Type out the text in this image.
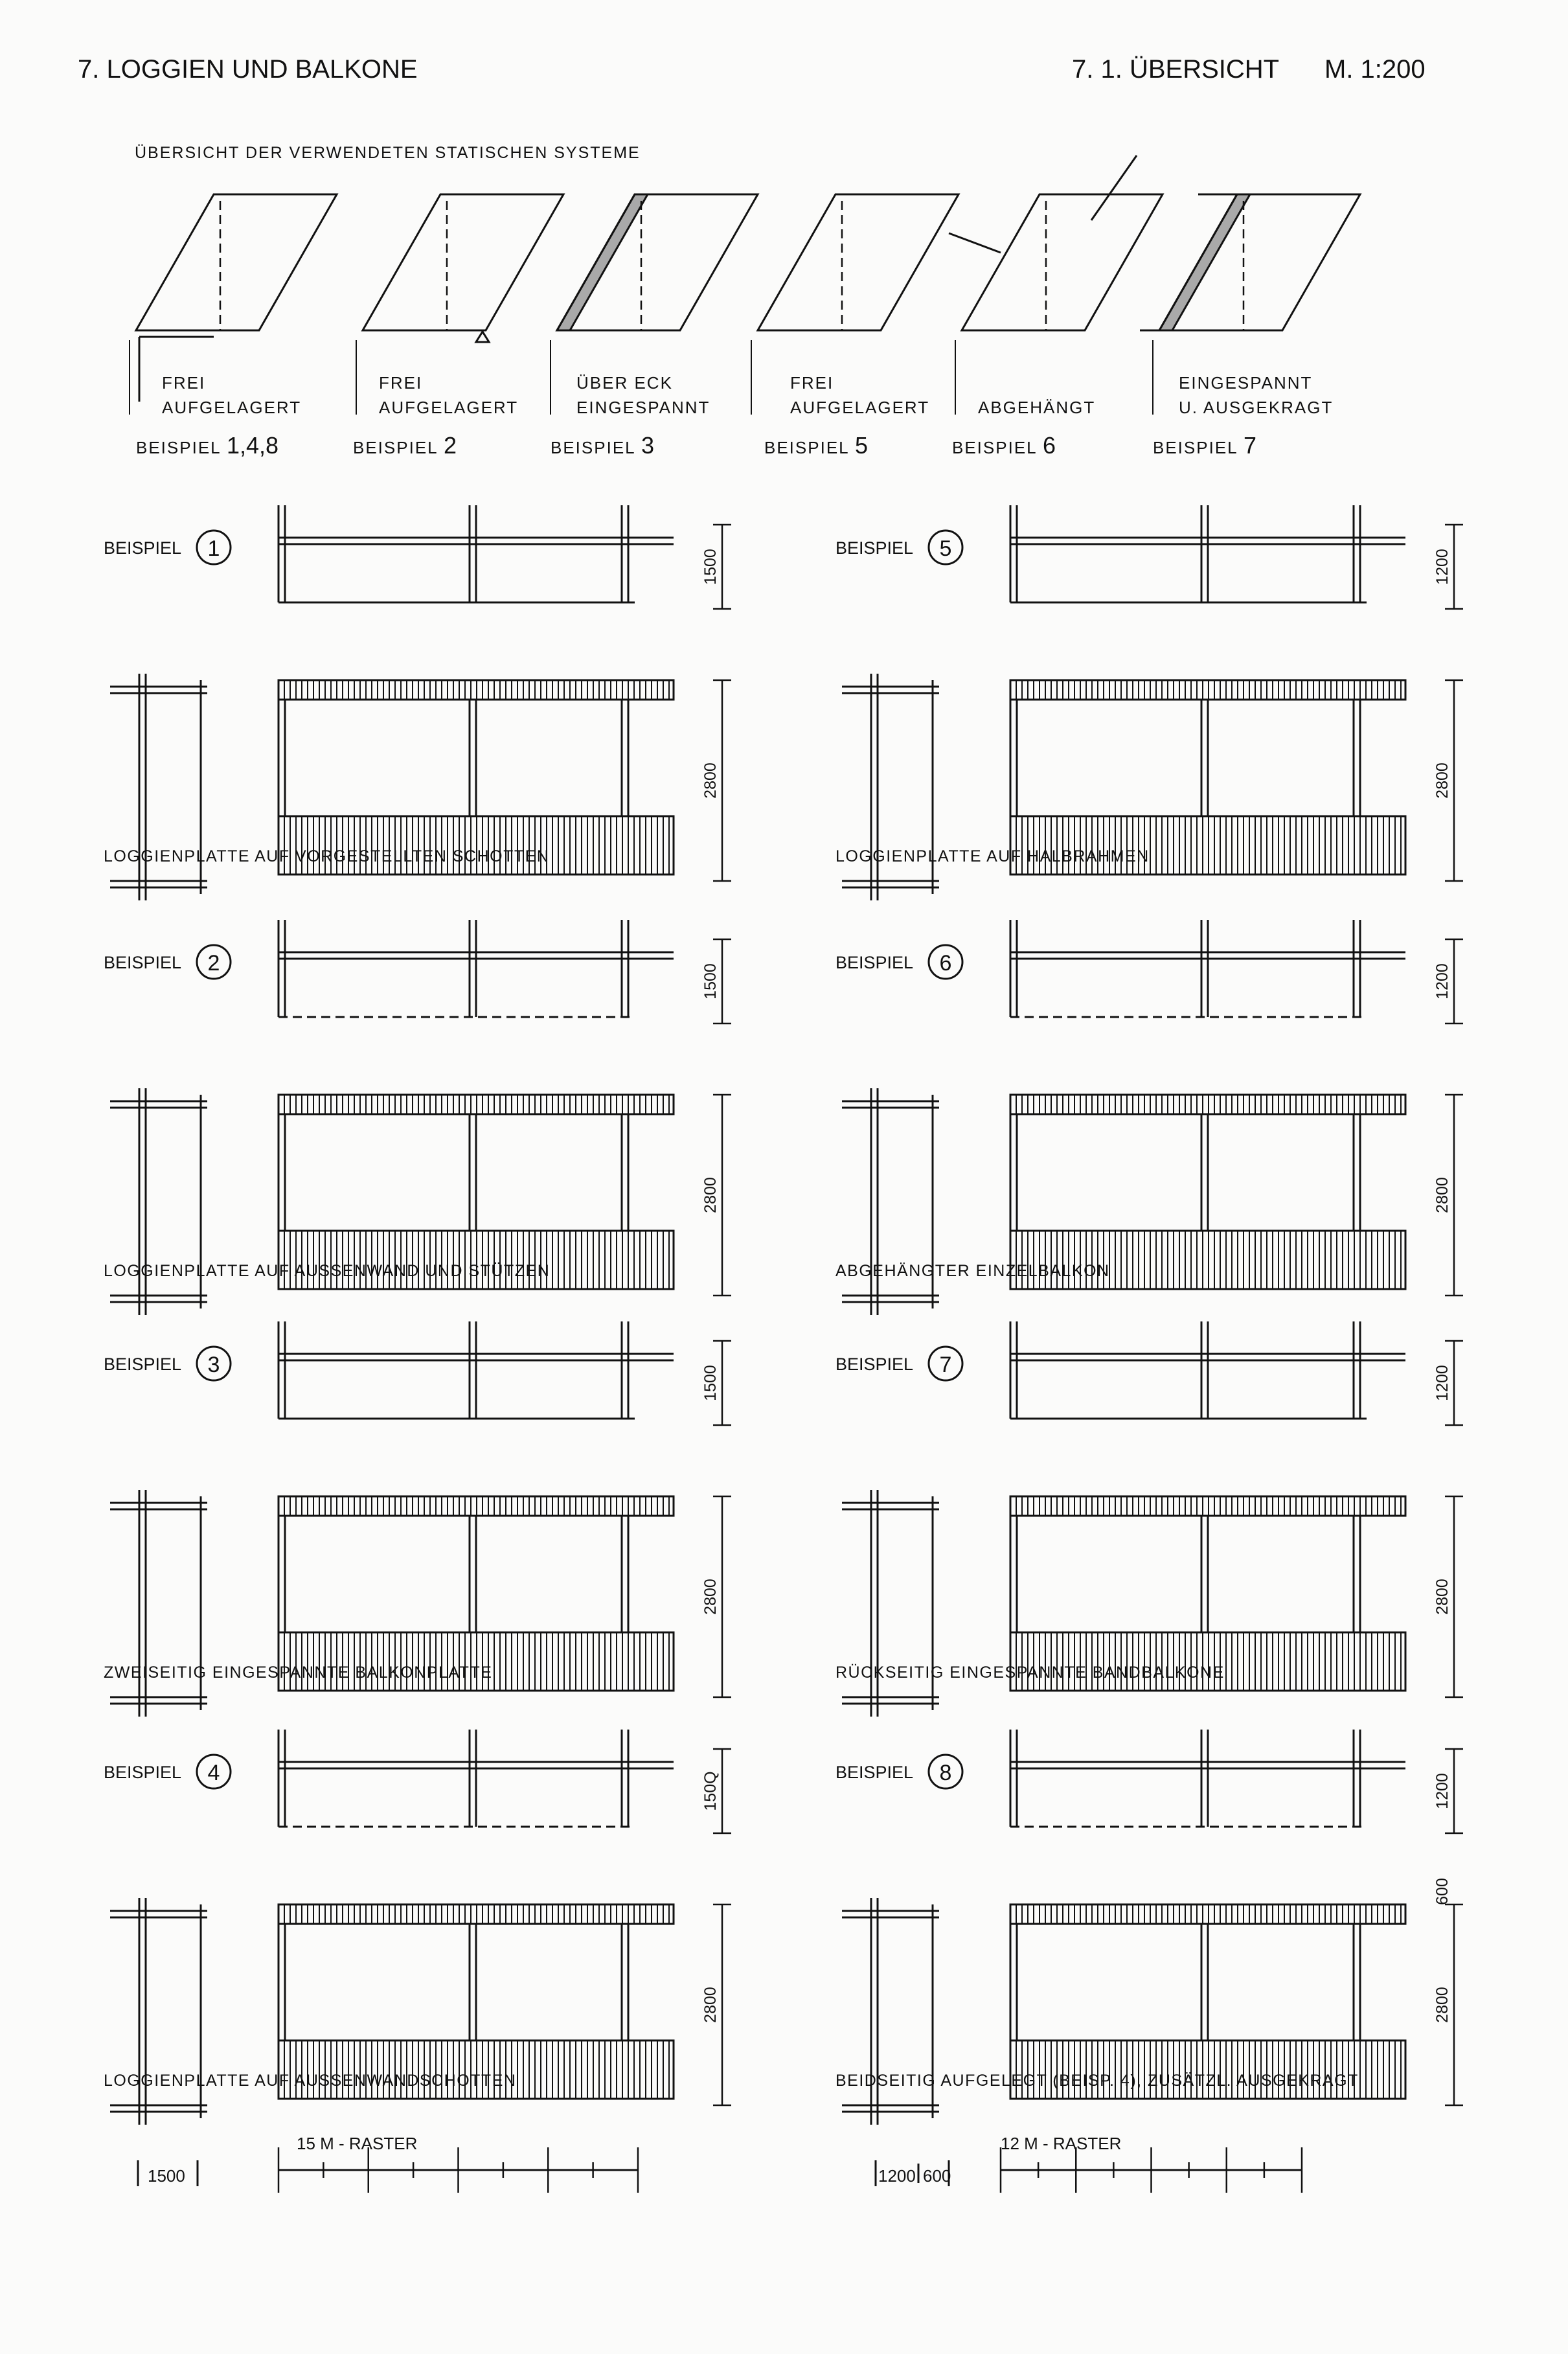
7. LOGGIEN UND BALKONE	7. 1. ÜBERSICHT M. 1:200
ÜBERSICHT DER VERWENDETEN STATISCHEN SYSTEME
FREI
AUFGELAGERT
BEISPIEL 1,4,8
FREI
AUFGELAGERT
BEISPIEL 2
ÜBER ECK
EINGESPANNT
BEISPIEL 3
FREI
AUFGELAGERT
BEISPIEL 5
ABGEHÄNGT
BEISPIEL 6
EINGESPANNT
U. AUSGEKRAGT
BEISPIEL 7
BEISPIEL 1
1500
2800
LOGGIENPLATTE AUF VORGESTELLTEN SCHOTTEN
BEISPIEL 2
1500
2800
LOGGIENPLATTE AUF AUSSENWAND UND STÜTZEN
BEISPIEL 3
1500
2800
ZWEISEITIG EINGESPANNTE BALKONPLATTE
BEISPIEL 4	150Q
2800
LOGGIENPLATTE AUF AUSSENWANDSCHOTTEN
BEISPIEL 5
1200
2800
LOGGIENPLATTE AUF HALBRAHMEN
BEISPIEL 6
1200
2800
ABGEHÄNGTER EINZELBALKON
BEISPIEL 7
1200
2800
RÜCKSEITIG EINGESPANNTE BANDBALKONE
BEISPIEL 8
1200
600
2800
BEIDSEITIG AUFGELEGT (BEISP. 4), ZUSÄTZL. AUSGEKRAGT
1500
15 M - RASTER
1200 600
12 M - RASTER
